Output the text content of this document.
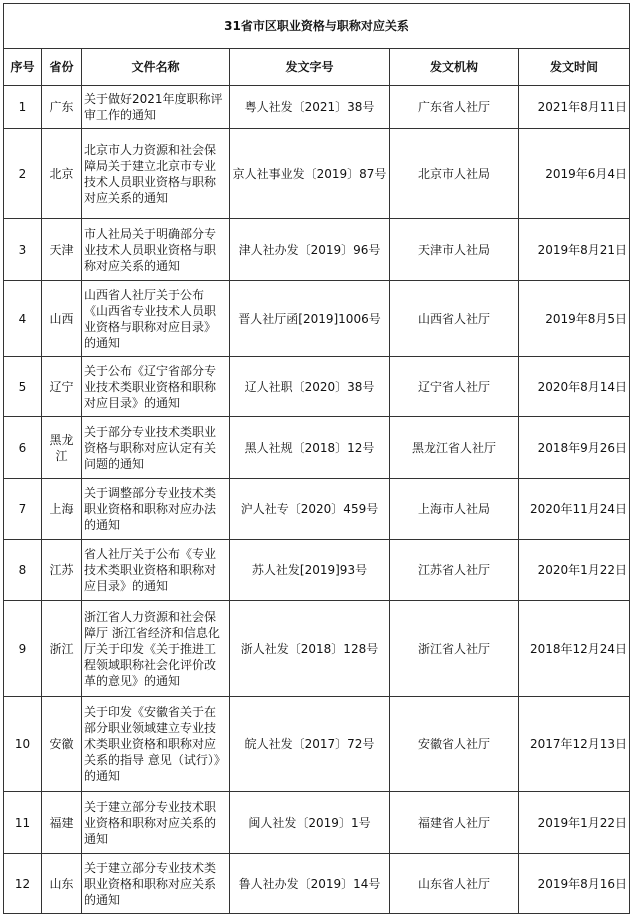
31省市区职业资格与职称对应关系					
序号	省份	文件名称	发文字号	发文机构	发文时间
1	广东	关于做好2021年度职称评审工作的通知	粤人社发〔2021〕38号	广东省人社厅	2021年8月11日
2	北京	北京市人力资源和社会保障局关于建立北京市专业技术人员职业资格与职称对应关系的通知	京人社事业发〔2019〕87号	北京市人社局	2019年6月4日
3	天津	市人社局关于明确部分专业技术人员职业资格与职称对应关系的通知	津人社办发〔2019〕96号	天津市人社局	2019年8月21日
4	山西	山西省人社厅关于公布《山西省专业技术人员职业资格与职称对应目录》的通知	晋人社厅函[2019]1006号	山西省人社厅	2019年8月5日
5	辽宁	关于公布《辽宁省部分专业技术类职业资格和职称对应目录》的通知	辽人社职〔2020〕38号	辽宁省人社厅	2020年8月14日
6	黑龙江	关于部分专业技术类职业资格与职称对应认定有关问题的通知	黑人社规〔2018〕12号	黑龙江省人社厅	2018年9月26日
7	上海	关于调整部分专业技术类职业资格和职称对应办法的通知	沪人社专〔2020〕459号	上海市人社局	2020年11月24日
8	江苏	省人社厅关于公布《专业技术类职业资格和职称对应目录》的通知	苏人社发[2019]93号	江苏省人社厅	2020年1月22日
9	浙江	浙江省人力资源和社会保障厅 浙江省经济和信息化厅关于印发《关于推进工程领域职称社会化评价改革的意见》的通知	浙人社发〔2018〕128号	浙江省人社厅	2018年12月24日
10	安徽	关于印发《安徽省关于在部分职业领域建立专业技术类职业资格和职称对应关系的指导 意见（试行）》的通知	皖人社发〔2017〕72号	安徽省人社厅	2017年12月13日
11	福建	关于建立部分专业技术职业资格和职称对应关系的通知	闽人社发〔2019〕1号	福建省人社厅	2019年1月22日
12	山东	关于建立部分专业技术类职业资格和职称对应关系的通知	鲁人社办发〔2019〕14号	山东省人社厅	2019年8月16日
